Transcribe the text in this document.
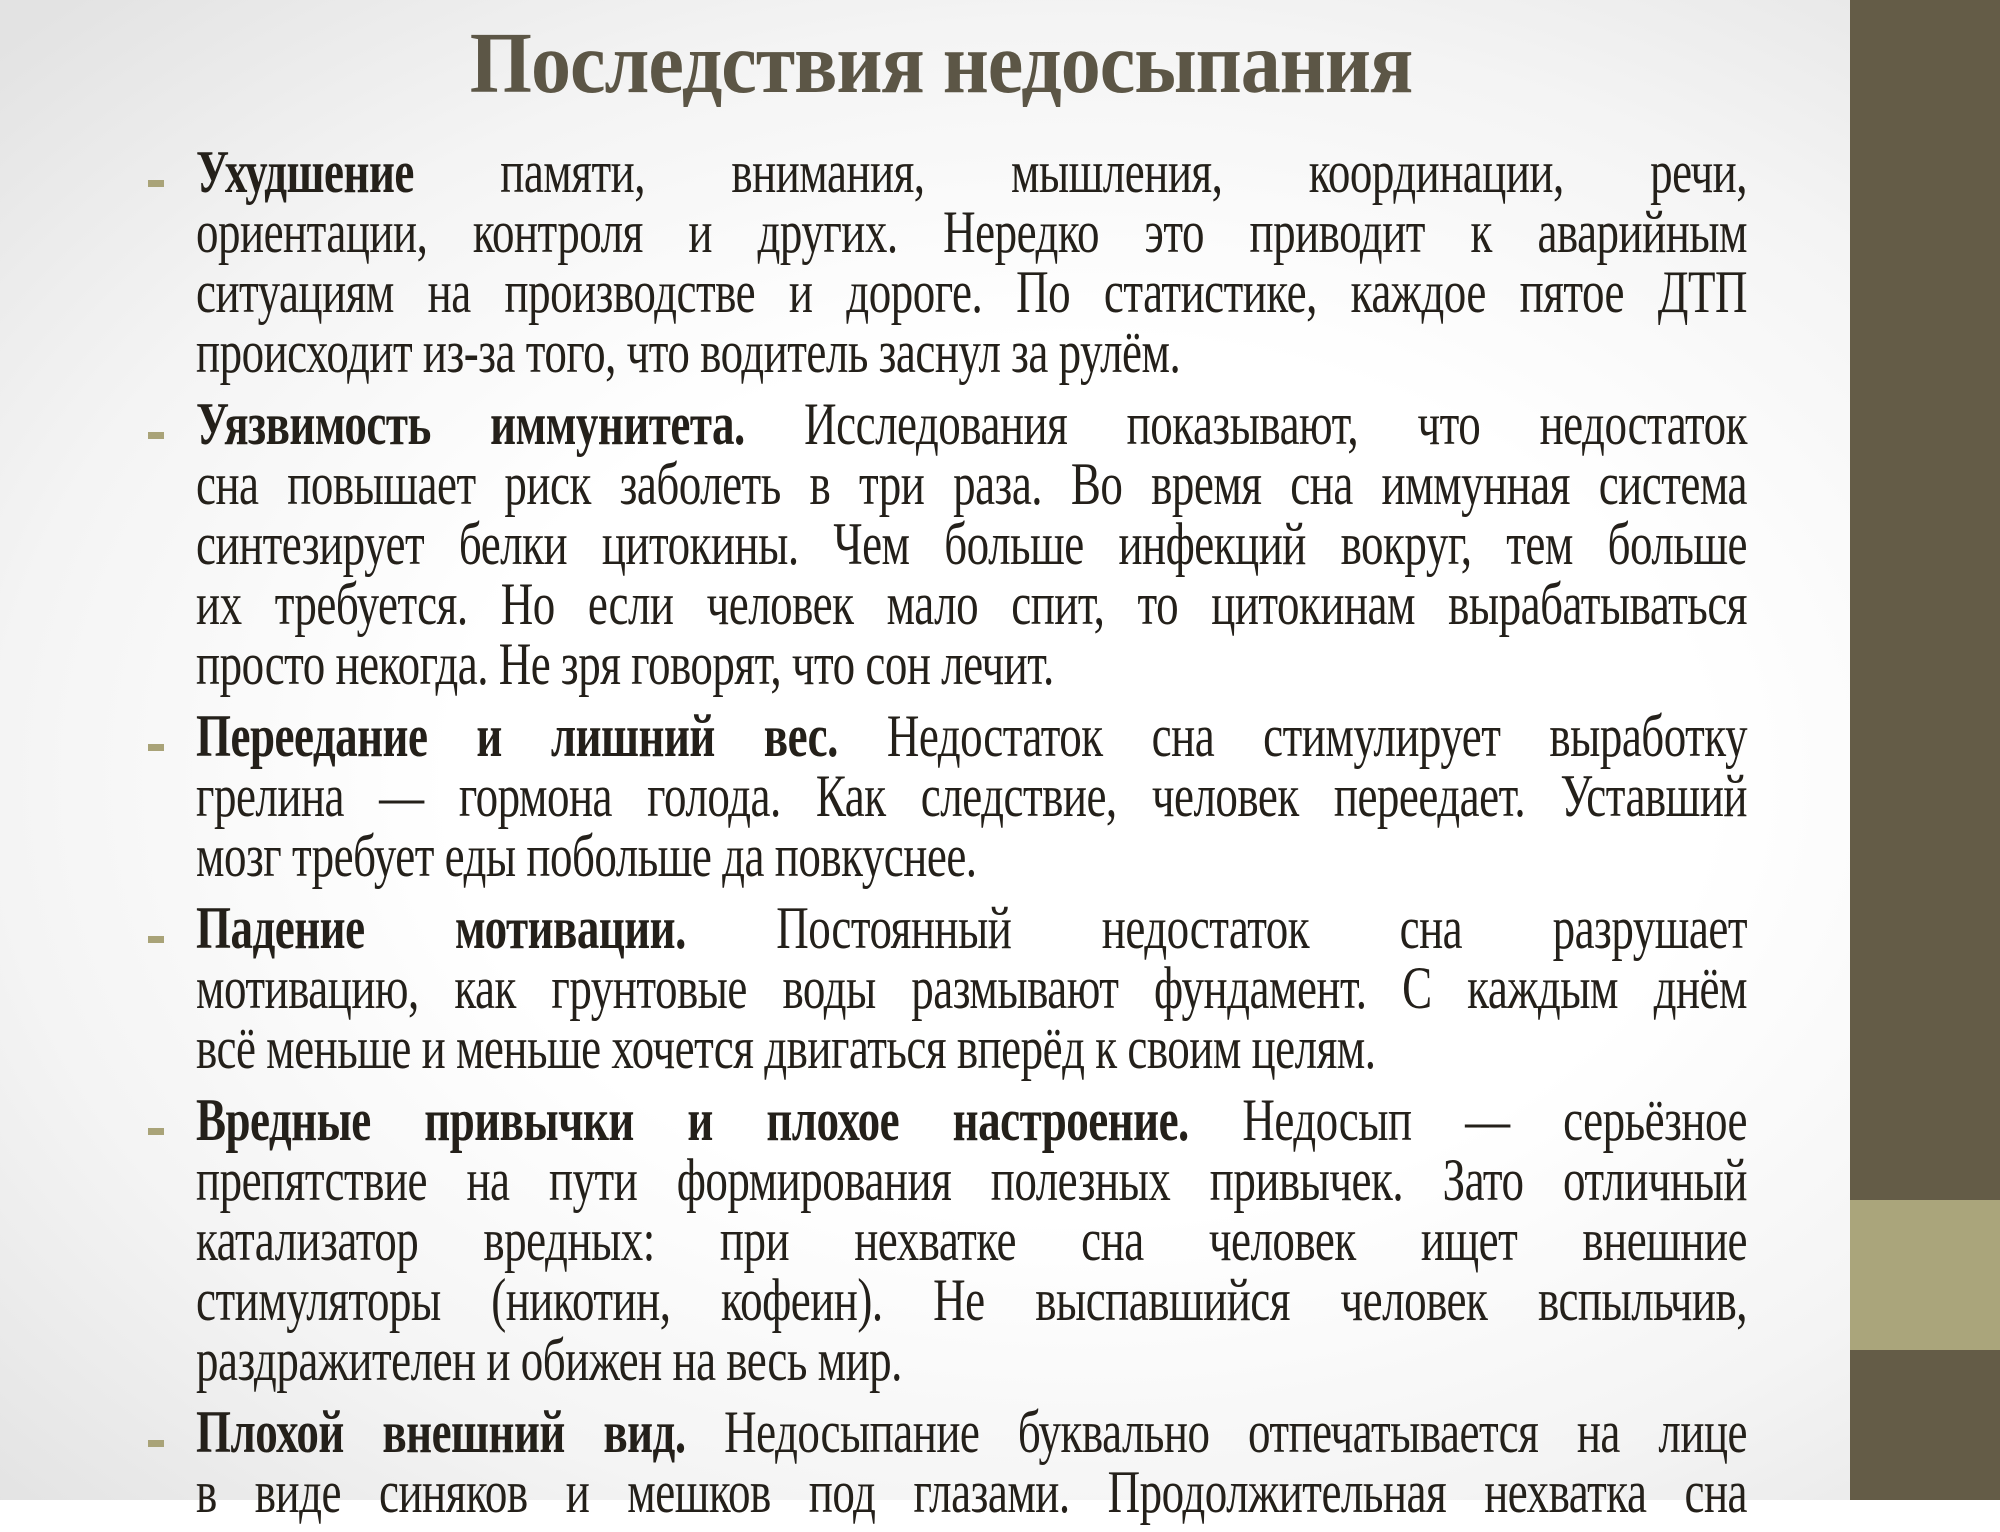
Последствия недосыпания
Ухудшение памяти, внимания, мышления, координации, речи,
ориентации, контроля и других. Нередко это приводит к аварийным
ситуациям на производстве и дороге. По статистике, каждое пятое ДТП
происходит из-за того, что водитель заснул за рулём.
Уязвимость иммунитета. Исследования показывают, что недостаток
сна повышает риск заболеть в три раза. Во время сна иммунная система
синтезирует белки цитокины. Чем больше инфекций вокруг, тем больше
их требуется. Но если человек мало спит, то цитокинам вырабатываться
просто некогда. Не зря говорят, что сон лечит.
Переедание и лишний вес. Недостаток сна стимулирует выработку
грелина — гормона голода. Как следствие, человек переедает. Уставший
мозг требует еды побольше да повкуснее.
Падение мотивации. Постоянный недостаток сна разрушает
мотивацию, как грунтовые воды размывают фундамент. С каждым днём
всё меньше и меньше хочется двигаться вперёд к своим целям.
Вредные привычки и плохое настроение. Недосып — серьёзное
препятствие на пути формирования полезных привычек. Зато отличный
катализатор вредных: при нехватке сна человек ищет внешние
стимуляторы (никотин, кофеин). Не выспавшийся человек вспыльчив,
раздражителен и обижен на весь мир.
Плохой внешний вид. Недосыпание буквально отпечатывается на лице
в виде синяков и мешков под глазами. Продолжительная нехватка сна
